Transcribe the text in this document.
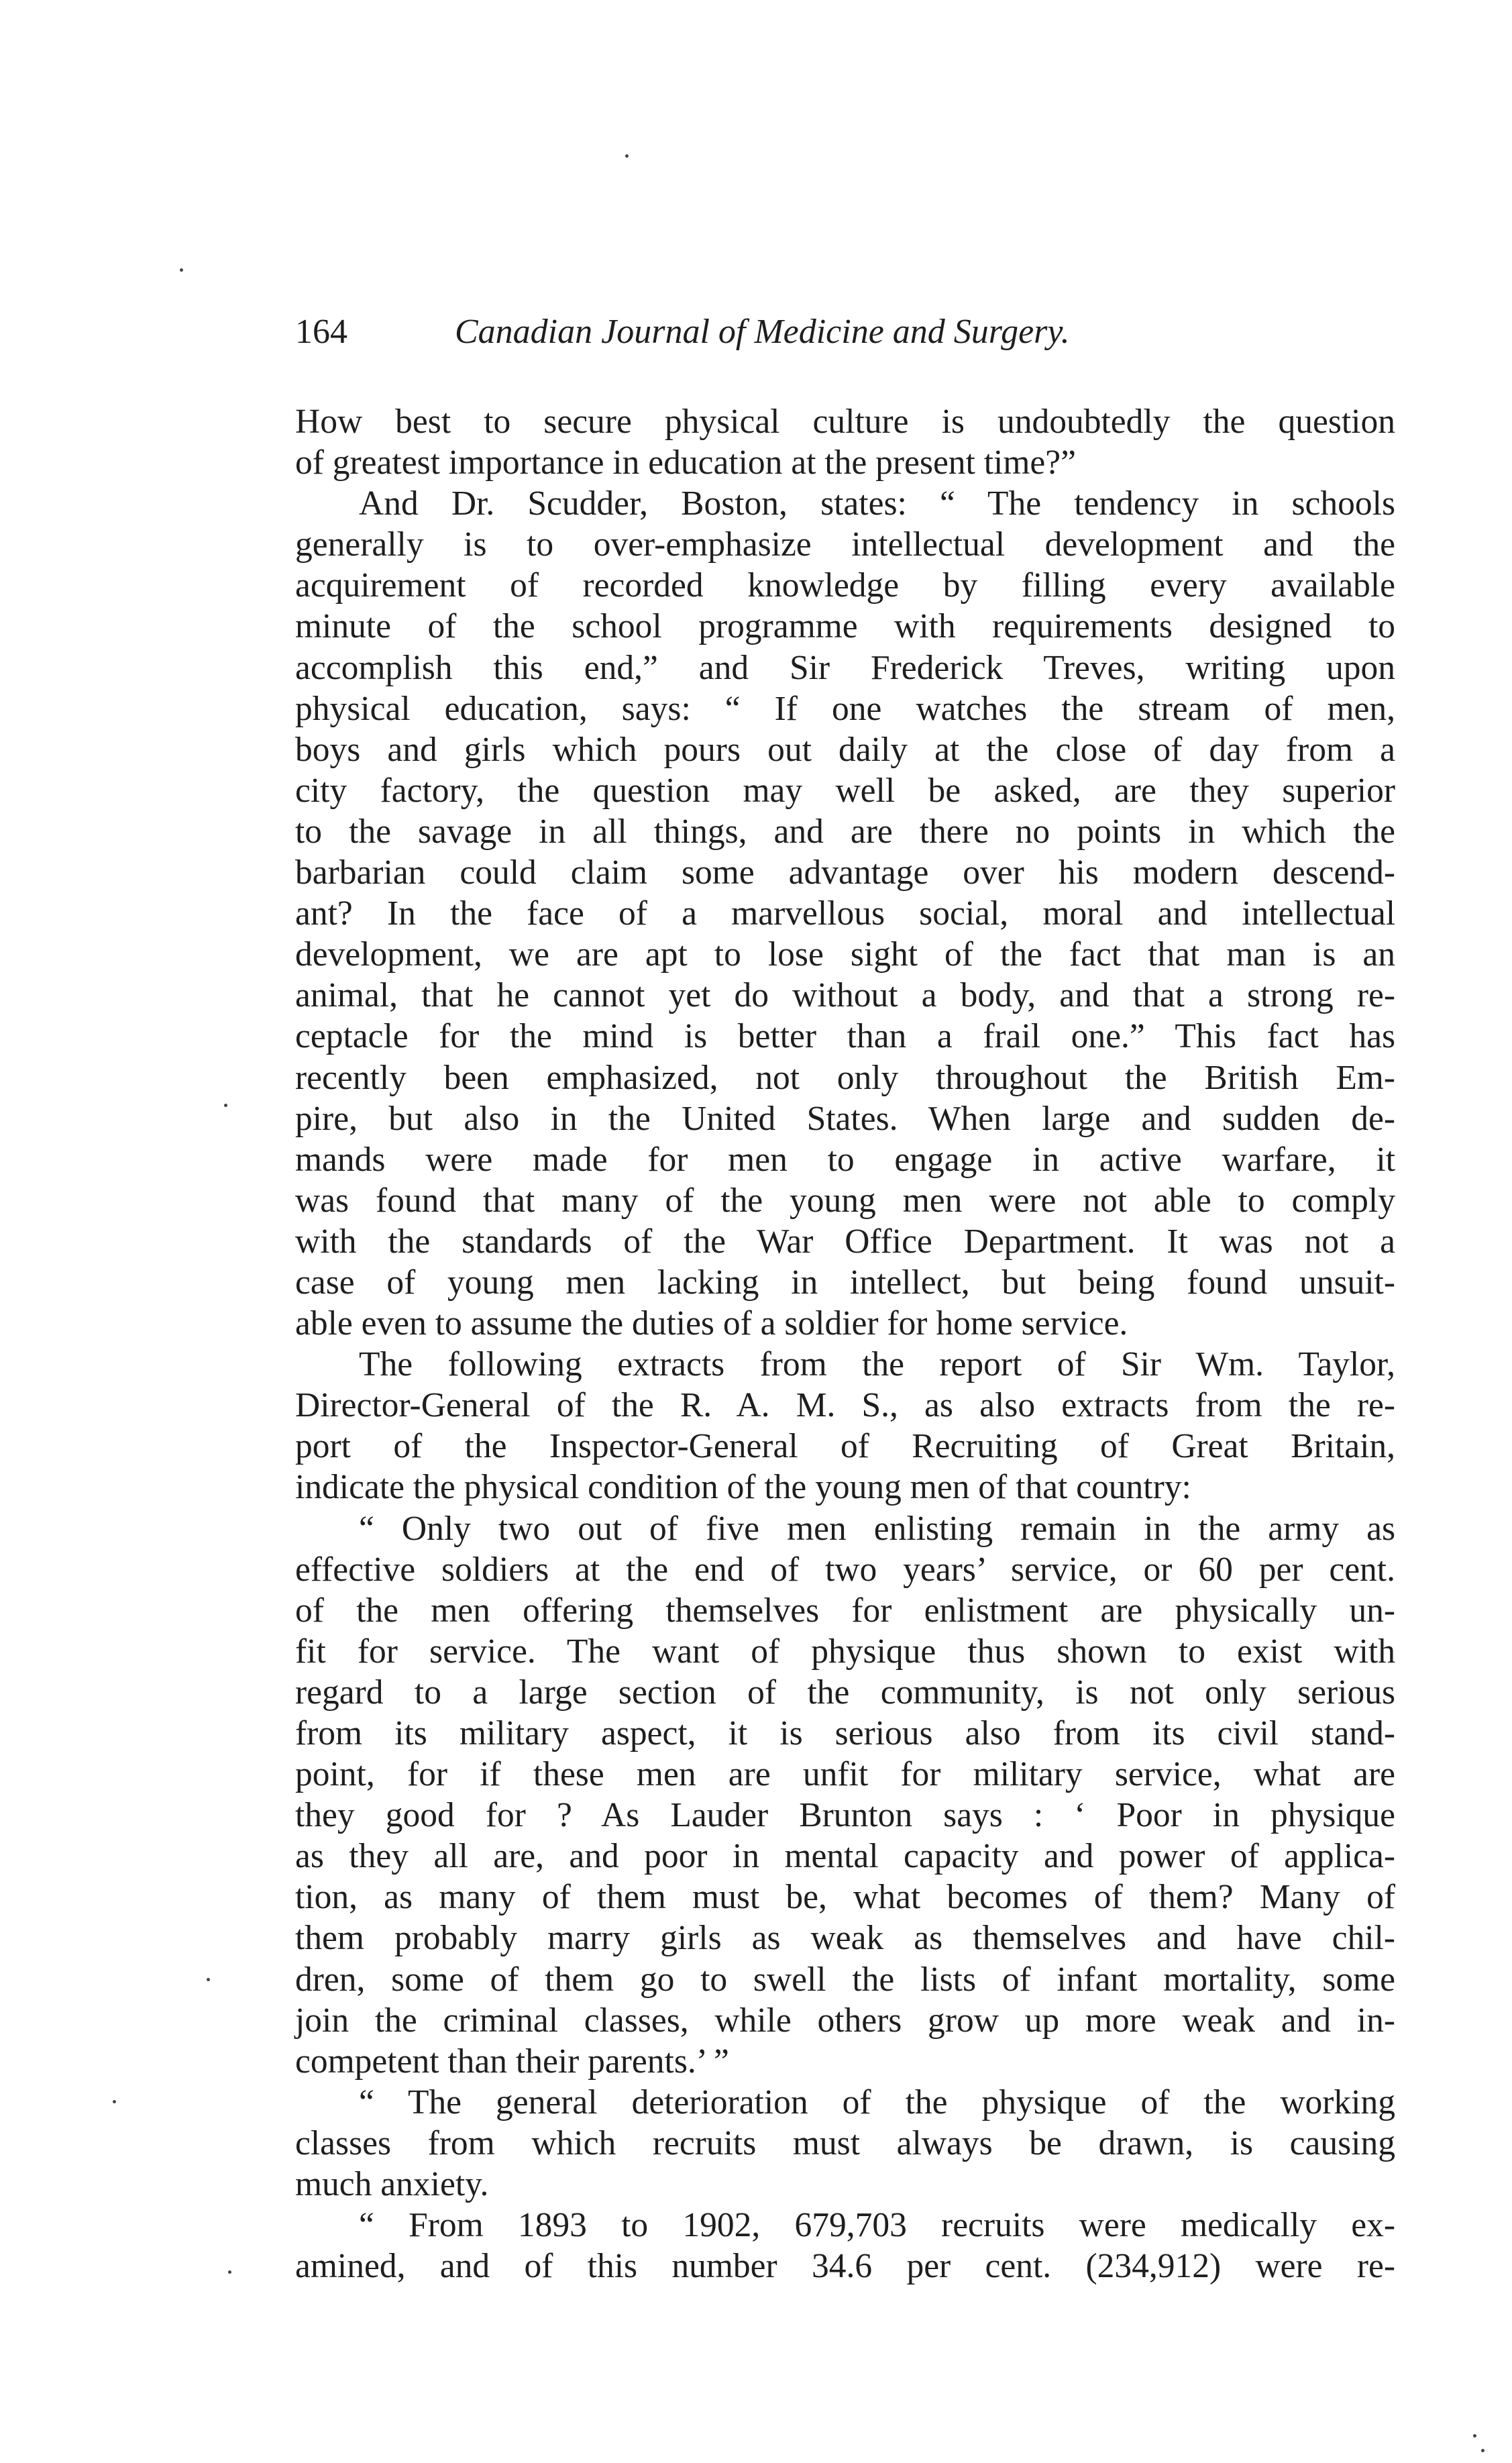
164	Canadian Journal of Medicine and Surgery.
How best to secure physical culture is undoubtedly the question
of greatest importance in education at the present time?”
And Dr. Scudder, Boston, states: “ The tendency in schools
generally is to over-emphasize intellectual development and the
acquirement of recorded knowledge by filling every available
minute of the school programme with requirements designed to
accomplish this end,” and Sir Frederick Treves, writing upon
physical education, says: “ If one watches the stream of men,
boys and girls which pours out daily at the close of day from a
city factory, the question may well be asked, are they superior
to the savage in all things, and are there no points in which the
barbarian could claim some advantage over his modern descend-
ant? In the face of a marvellous social, moral and intellectual
development, we are apt to lose sight of the fact that man is an
animal, that he cannot yet do without a body, and that a strong re-
ceptacle for the mind is better than a frail one.” This fact has
recently been emphasized, not only throughout the British Em-
pire, but also in the United States. When large and sudden de-
mands were made for men to engage in active warfare, it
was found that many of the young men were not able to comply
with the standards of the War Office Department. It was not a
case of young men lacking in intellect, but being found unsuit-
able even to assume the duties of a soldier for home service.
The following extracts from the report of Sir Wm. Taylor,
Director-General of the R. A. M. S., as also extracts from the re-
port of the Inspector-General of Recruiting of Great Britain,
indicate the physical condition of the young men of that country:
“ Only two out of five men enlisting remain in the army as
effective soldiers at the end of two years’ service, or 60 per cent.
of the men offering themselves for enlistment are physically un-
fit for service. The want of physique thus shown to exist with
regard to a large section of the community, is not only serious
from its military aspect, it is serious also from its civil stand-
point, for if these men are unfit for military service, what are
they good for ? As Lauder Brunton says : ‘ Poor in physique
as they all are, and poor in mental capacity and power of applica-
tion, as many of them must be, what becomes of them? Many of
them probably marry girls as weak as themselves and have chil-
dren, some of them go to swell the lists of infant mortality, some
join the criminal classes, while others grow up more weak and in-
competent than their parents.’ ”
“ The general deterioration of the physique of the working
classes from which recruits must always be drawn, is causing
much anxiety.
“ From 1893 to 1902, 679,703 recruits were medically ex-
amined, and of this number 34.6 per cent. (234,912) were re-
